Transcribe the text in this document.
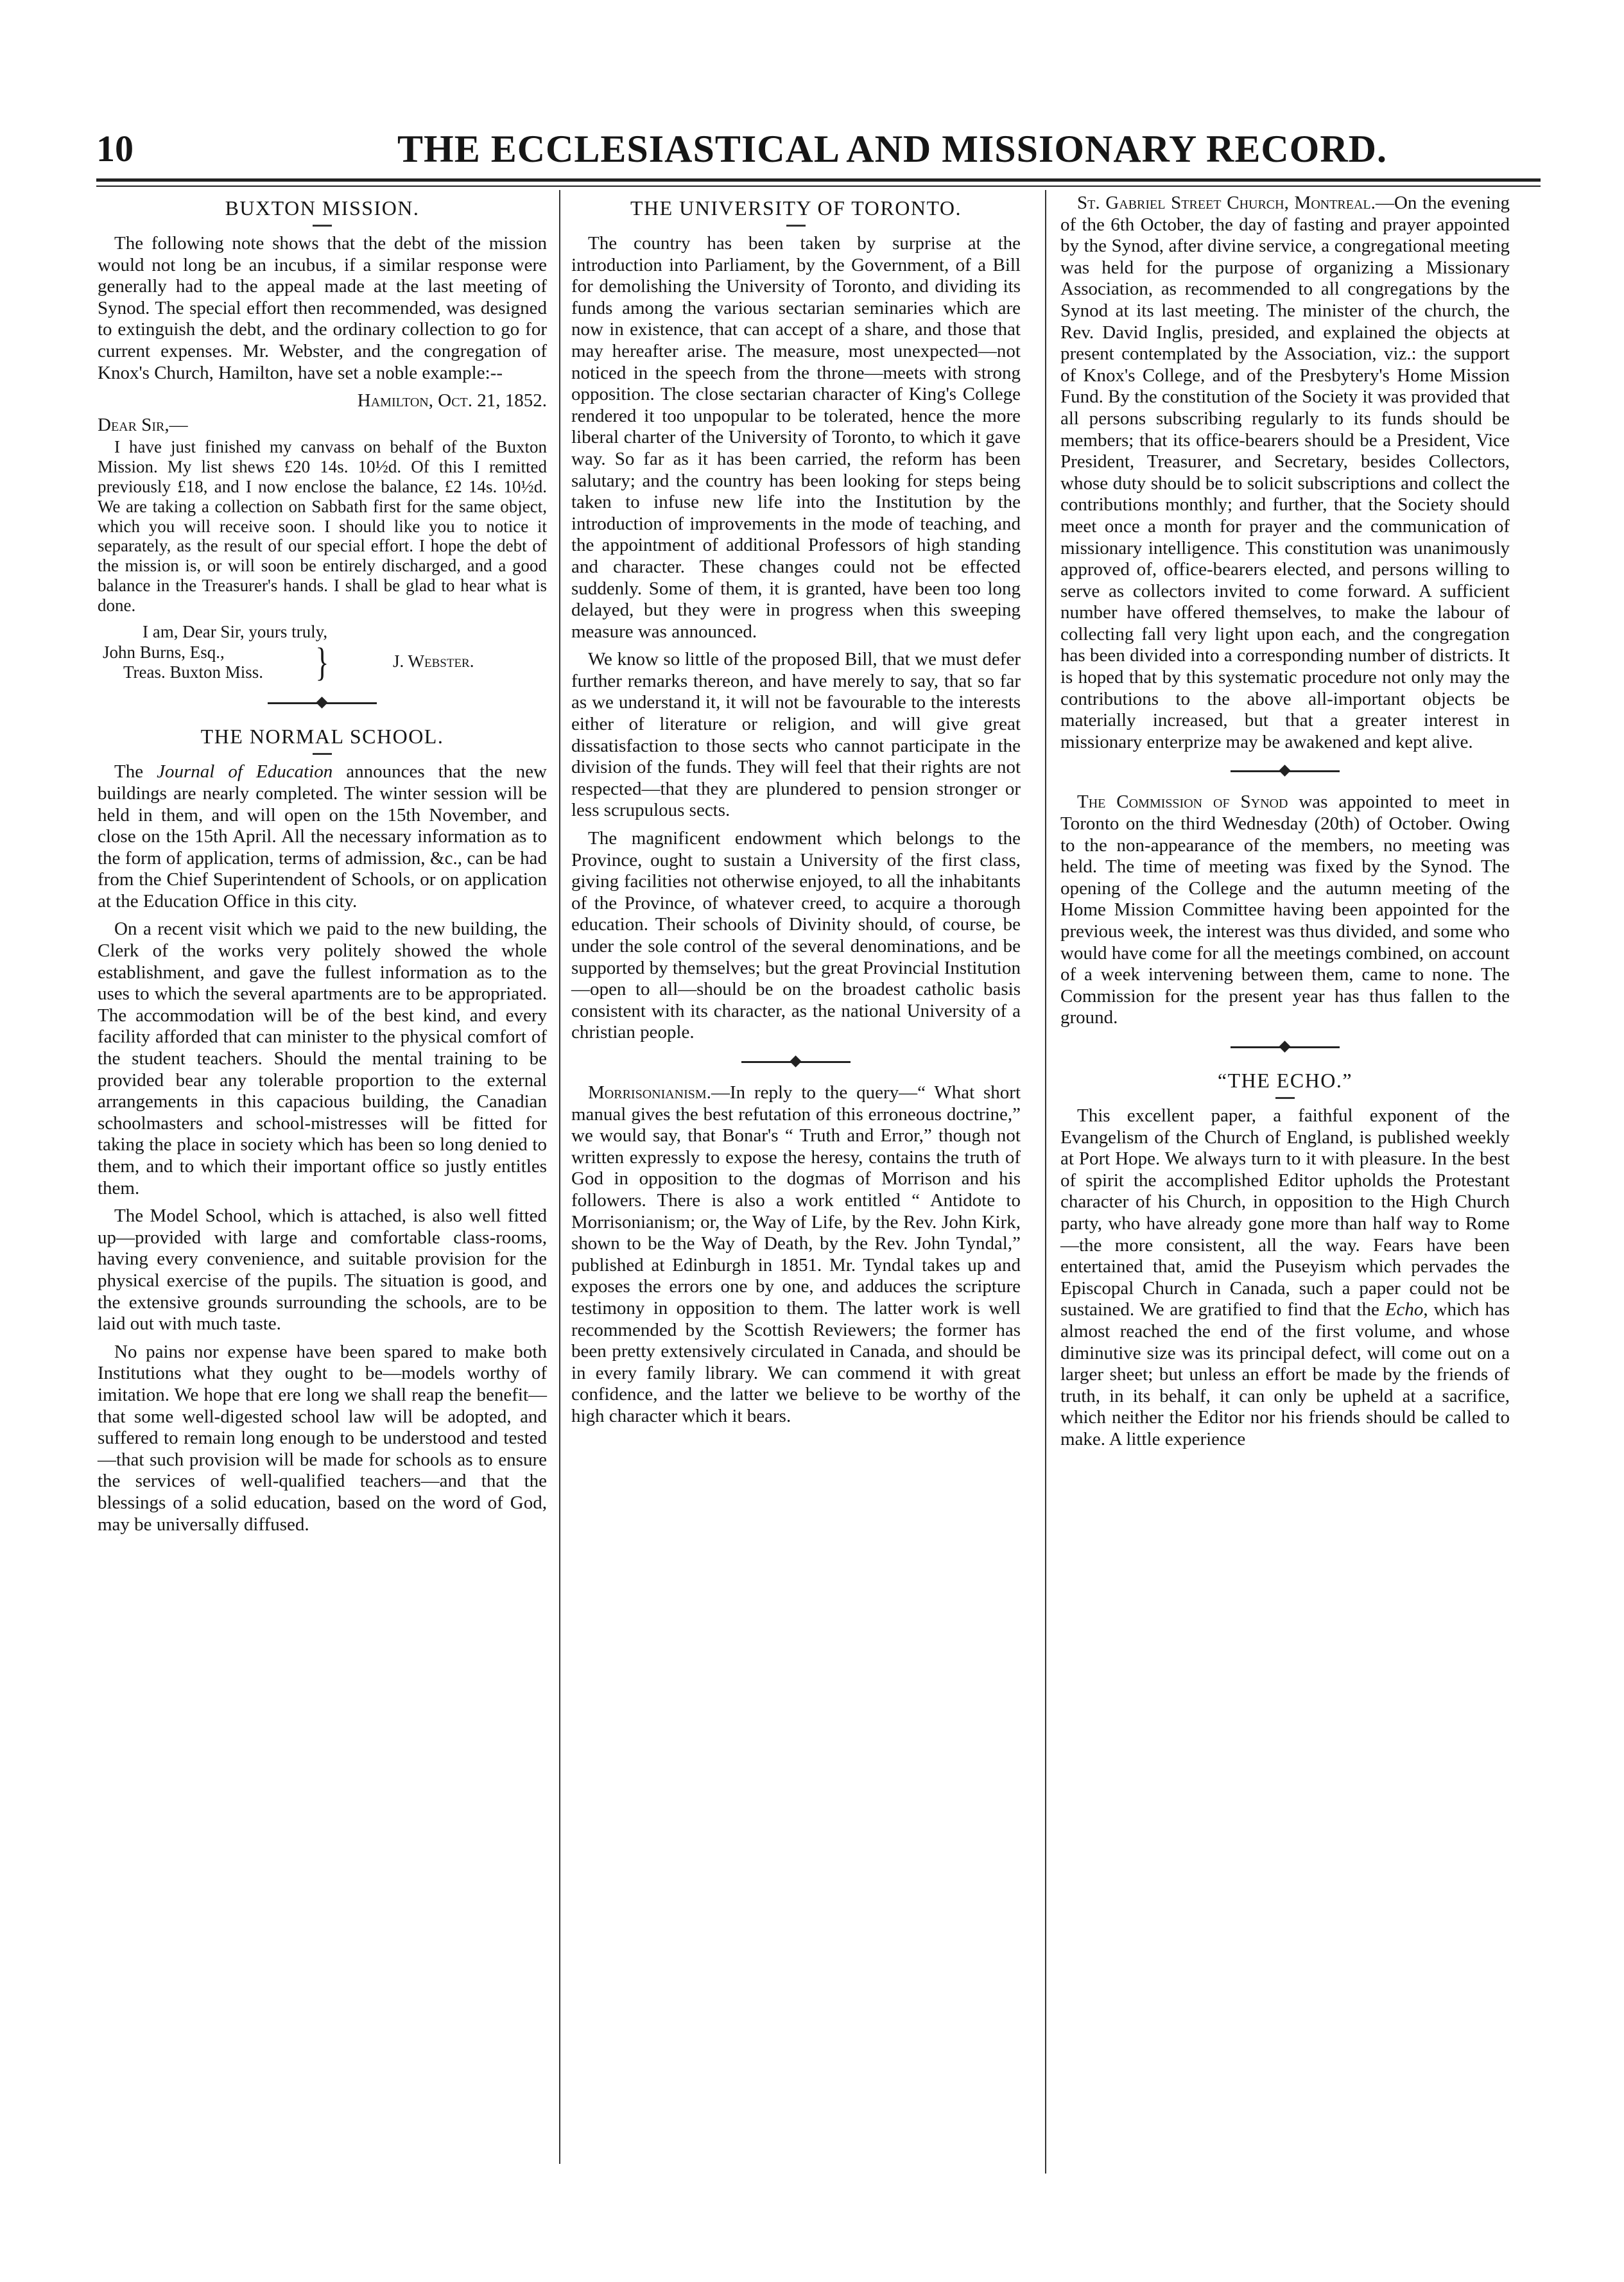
10	THE ECCLESIASTICAL AND MISSIONARY RECORD.
BUXTON MISSION.

The following note shows that the debt of the mission would not long be an incubus, if a similar response were generally had to the appeal made at the last meeting of Synod. The special effort then recommended, was designed to extinguish the debt, and the ordinary collection to go for current expenses. Mr. Webster, and the congregation of Knox's Church, Hamilton, have set a noble example:--

Hamilton, Oct. 21, 1852.
Dear Sir,—

I have just finished my canvass on behalf of the Buxton Mission. My list shews £20 14s. 10½d. Of this I remitted previously £18, and I now enclose the balance, £2 14s. 10½d. We are taking a collection on Sabbath first for the same object, which you will receive soon. I should like you to notice it separately, as the result of our special effort. I hope the debt of the mission is, or will soon be entirely discharged, and a good balance in the Treasurer's hands. I shall be glad to hear what is done.

I am, Dear Sir, yours truly,
John Burns, Esq.,
Treas. Buxton Miss. }	J. Webster.
THE NORMAL SCHOOL.

The Journal of Education announces that the new buildings are nearly completed. The winter session will be held in them, and will open on the 15th November, and close on the 15th April. All the necessary information as to the form of application, terms of admission, &c., can be had from the Chief Superintendent of Schools, or on application at the Education Office in this city.

On a recent visit which we paid to the new building, the Clerk of the works very politely showed the whole establishment, and gave the fullest information as to the uses to which the several apartments are to be appropriated. The accommodation will be of the best kind, and every facility afforded that can minister to the physical comfort of the student teachers. Should the mental training to be provided bear any tolerable proportion to the external arrangements in this capacious building, the Canadian schoolmasters and school-mistresses will be fitted for taking the place in society which has been so long denied to them, and to which their important office so justly entitles them.

The Model School, which is attached, is also well fitted up—provided with large and comfortable class-rooms, having every convenience, and suitable provision for the physical exercise of the pupils. The situation is good, and the extensive grounds surrounding the schools, are to be laid out with much taste.

No pains nor expense have been spared to make both Institutions what they ought to be—models worthy of imitation. We hope that ere long we shall reap the benefit—that some well-digested school law will be adopted, and suffered to remain long enough to be understood and tested—that such provision will be made for schools as to ensure the services of well-qualified teachers—and that the blessings of a solid education, based on the word of God, may be universally diffused.

THE UNIVERSITY OF TORONTO.

The country has been taken by surprise at the introduction into Parliament, by the Government, of a Bill for demolishing the University of Toronto, and dividing its funds among the various sectarian seminaries which are now in existence, that can accept of a share, and those that may hereafter arise. The measure, most unexpected—not noticed in the speech from the throne—meets with strong opposition. The close sectarian character of King's College rendered it too unpopular to be tolerated, hence the more liberal charter of the University of Toronto, to which it gave way. So far as it has been carried, the reform has been salutary; and the country has been looking for steps being taken to infuse new life into the Institution by the introduction of improvements in the mode of teaching, and the appointment of additional Professors of high standing and character. These changes could not be effected suddenly. Some of them, it is granted, have been too long delayed, but they were in progress when this sweeping measure was announced.

We know so little of the proposed Bill, that we must defer further remarks thereon, and have merely to say, that so far as we understand it, it will not be favourable to the interests either of literature or religion, and will give great dissatisfaction to those sects who cannot participate in the division of the funds. They will feel that their rights are not respected—that they are plundered to pension stronger or less scrupulous sects.

The magnificent endowment which belongs to the Province, ought to sustain a University of the first class, giving facilities not otherwise enjoyed, to all the inhabitants of the Province, of whatever creed, to acquire a thorough education. Their schools of Divinity should, of course, be under the sole control of the several denominations, and be supported by themselves; but the great Provincial Institution—open to all—should be on the broadest catholic basis consistent with its character, as the national University of a christian people.

Morrisonianism.—In reply to the query—“ What short manual gives the best refutation of this erroneous doctrine,” we would say, that Bonar's “ Truth and Error,” though not written expressly to expose the heresy, contains the truth of God in opposition to the dogmas of Morrison and his followers. There is also a work entitled “ Antidote to Morrisonianism; or, the Way of Life, by the Rev. John Kirk, shown to be the Way of Death, by the Rev. John Tyndal,” published at Edinburgh in 1851. Mr. Tyndal takes up and exposes the errors one by one, and adduces the scripture testimony in opposition to them. The latter work is well recommended by the Scottish Reviewers; the former has been pretty extensively circulated in Canada, and should be in every family library. We can commend it with great confidence, and the latter we believe to be worthy of the high character which it bears.

St. Gabriel Street Church, Montreal.—On the evening of the 6th October, the day of fasting and prayer appointed by the Synod, after divine service, a congregational meeting was held for the purpose of organizing a Missionary Association, as recommended to all congregations by the Synod at its last meeting. The minister of the church, the Rev. David Inglis, presided, and explained the objects at present contemplated by the Association, viz.: the support of Knox's College, and of the Presbytery's Home Mission Fund. By the constitution of the Society it was provided that all persons subscribing regularly to its funds should be members; that its office-bearers should be a President, Vice President, Treasurer, and Secretary, besides Collectors, whose duty should be to solicit subscriptions and collect the contributions monthly; and further, that the Society should meet once a month for prayer and the communication of missionary intelligence. This constitution was unanimously approved of, office-bearers elected, and persons willing to serve as collectors invited to come forward. A sufficient number have offered themselves, to make the labour of collecting fall very light upon each, and the congregation has been divided into a corresponding number of districts. It is hoped that by this systematic procedure not only may the contributions to the above all-important objects be materially increased, but that a greater interest in missionary enterprize may be awakened and kept alive.

The Commission of Synod was appointed to meet in Toronto on the third Wednesday (20th) of October. Owing to the non-appearance of the members, no meeting was held. The time of meeting was fixed by the Synod. The opening of the College and the autumn meeting of the Home Mission Committee having been appointed for the previous week, the interest was thus divided, and some who would have come for all the meetings combined, on account of a week intervening between them, came to none. The Commission for the present year has thus fallen to the ground.

“THE ECHO.”

This excellent paper, a faithful exponent of the Evangelism of the Church of England, is published weekly at Port Hope. We always turn to it with pleasure. In the best of spirit the accomplished Editor upholds the Protestant character of his Church, in opposition to the High Church party, who have already gone more than half way to Rome—the more consistent, all the way. Fears have been entertained that, amid the Puseyism which pervades the Episcopal Church in Canada, such a paper could not be sustained. We are gratified to find that the Echo, which has almost reached the end of the first volume, and whose diminutive size was its principal defect, will come out on a larger sheet; but unless an effort be made by the friends of truth, in its behalf, it can only be upheld at a sacrifice, which neither the Editor nor his friends should be called to make. A little experience
